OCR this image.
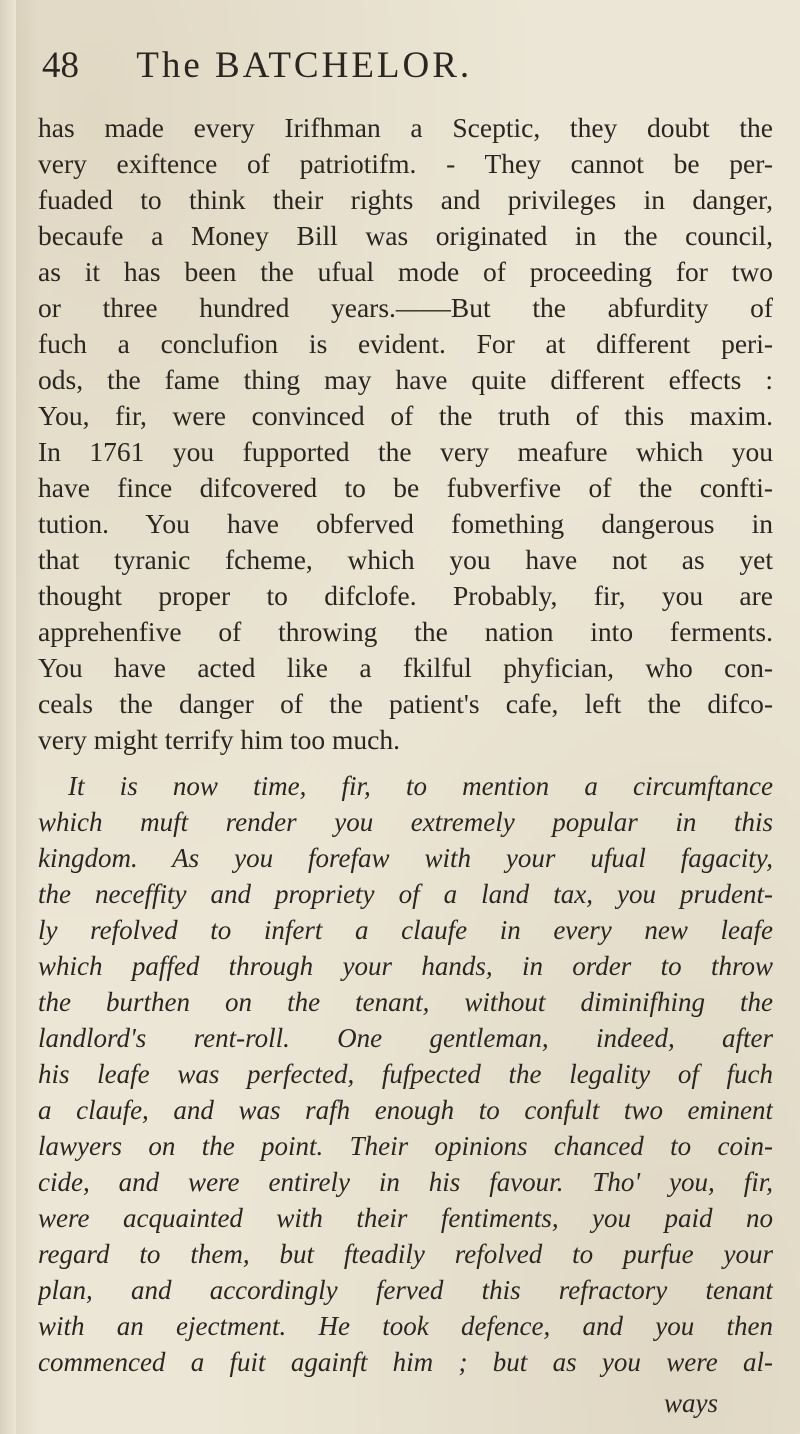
48 The BATCHELOR.

has made every Irifhman a Sceptic, they doubt the
very exiftence of patriotifm. - They cannot be per-
fuaded to think their rights and privileges in danger,
becaufe a Money Bill was originated in the council,
as it has been the ufual mode of proceeding for two
or three hundred years.——But the abfurdity of
fuch a conclufion is evident. For at different peri-
ods, the fame thing may have quite different effects :
You, fir, were convinced of the truth of this maxim.
In 1761 you fupported the very meafure which you
have fince difcovered to be fubverfive of the confti-
tution. You have obferved fomething dangerous in
that tyranic fcheme, which you have not as yet
thought proper to difclofe. Probably, fir, you are
apprehenfive of throwing the nation into ferments.
You have acted like a fkilful phyfician, who con-
ceals the danger of the patient's cafe, left the difco-
very might terrify him too much.

It is now time, fir, to mention a circumftance
which muft render you extremely popular in this
kingdom. As you forefaw with your ufual fagacity,
the neceffity and propriety of a land tax, you prudent-
ly refolved to infert a claufe in every new leafe
which paffed through your hands, in order to throw
the burthen on the tenant, without diminifhing the
landlord's rent-roll. One gentleman, indeed, after
his leafe was perfected, fufpected the legality of fuch
a claufe, and was rafh enough to confult two eminent
lawyers on the point. Their opinions chanced to coin-
cide, and were entirely in his favour. Tho' you, fir,
were acquainted with their fentiments, you paid no
regard to them, but fteadily refolved to purfue your
plan, and accordingly ferved this refractory tenant
with an ejectment. He took defence, and you then
commenced a fuit againft him ; but as you were al-

ways
